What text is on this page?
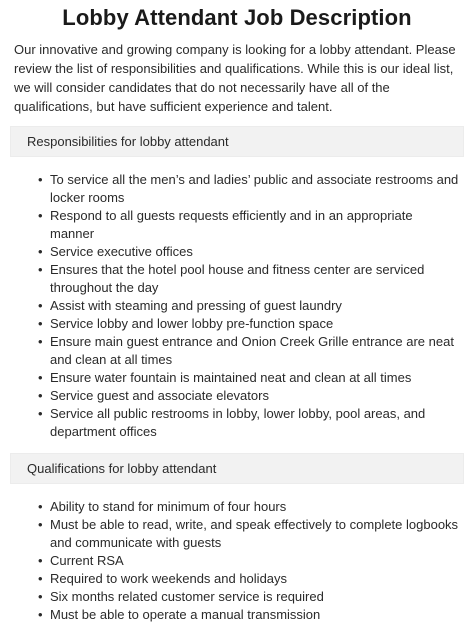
Lobby Attendant Job Description

Our innovative and growing company is looking for a lobby attendant. Please review the list of responsibilities and qualifications. While this is our ideal list, we will consider candidates that do not necessarily have all of the qualifications, but have sufficient experience and talent.

Responsibilities for lobby attendant
• To service all the men’s and ladies’ public and associate restrooms and locker rooms
• Respond to all guests requests efficiently and in an appropriate manner
• Service executive offices
• Ensures that the hotel pool house and fitness center are serviced throughout the day
• Assist with steaming and pressing of guest laundry
• Service lobby and lower lobby pre-function space
• Ensure main guest entrance and Onion Creek Grille entrance are neat and clean at all times
• Ensure water fountain is maintained neat and clean at all times
• Service guest and associate elevators
• Service all public restrooms in lobby, lower lobby, pool areas, and department offices
Qualifications for lobby attendant
• Ability to stand for minimum of four hours
• Must be able to read, write, and speak effectively to complete logbooks and communicate with guests
• Current RSA
• Required to work weekends and holidays
• Six months related customer service is required
• Must be able to operate a manual transmission
